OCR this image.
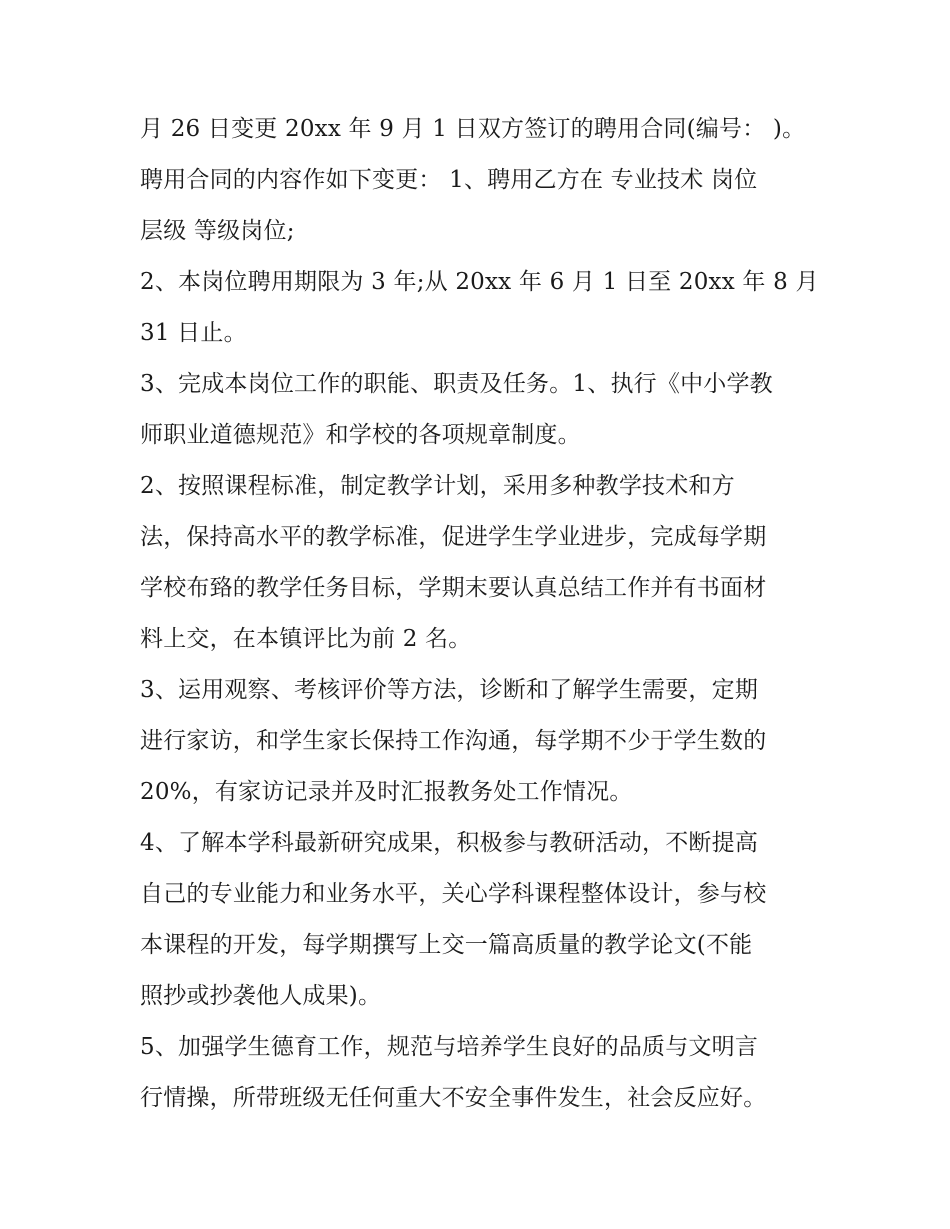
月 26 日变更 20xx 年 9 月 1 日双方签订的聘用合同(编号： )。
聘用合同的内容作如下变更： 1、聘用乙方在 专业技术 岗位
层级 等级岗位;
2、本岗位聘用期限为 3 年;从 20xx 年 6 月 1 日至 20xx 年 8 月
31 日止。
3、完成本岗位工作的职能、职责及任务。1、执行《中小学教
师职业道德规范》和学校的各项规章制度。
2、按照课程标准，制定教学计划，采用多种教学技术和方
法，保持高水平的教学标准，促进学生学业进步，完成每学期
学校布臵的教学任务目标，学期末要认真总结工作并有书面材
料上交，在本镇评比为前 2 名。
3、运用观察、考核评价等方法，诊断和了解学生需要，定期
进行家访，和学生家长保持工作沟通，每学期不少于学生数的
20%，有家访记录并及时汇报教务处工作情况。
4、了解本学科最新研究成果，积极参与教研活动，不断提高
自己的专业能力和业务水平，关心学科课程整体设计，参与校
本课程的开发，每学期撰写上交一篇高质量的教学论文(不能
照抄或抄袭他人成果)。
5、加强学生德育工作，规范与培养学生良好的品质与文明言
行情操，所带班级无任何重大不安全事件发生，社会反应好。
